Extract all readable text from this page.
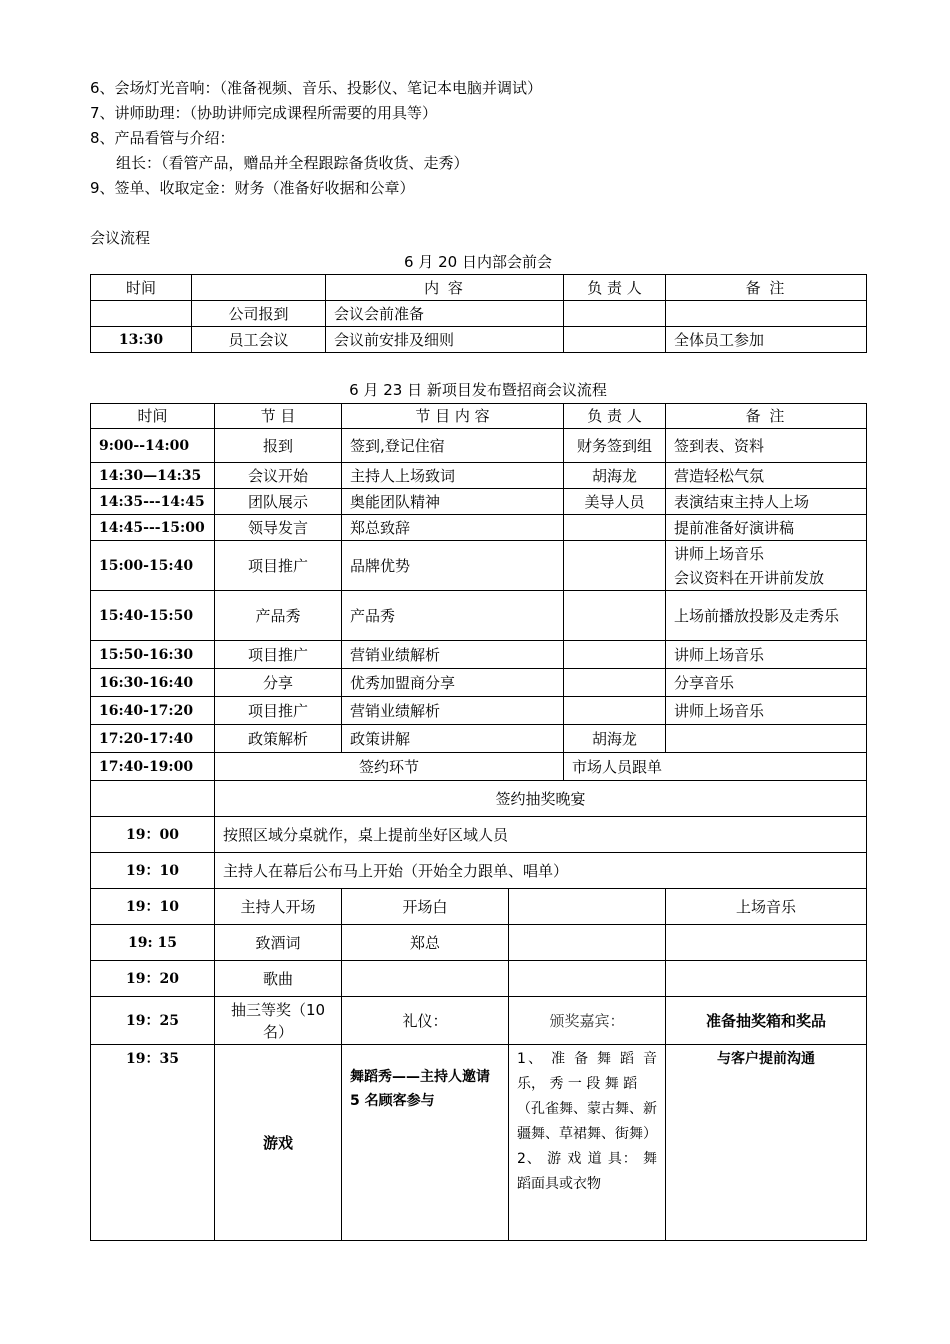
6、会场灯光音响：（准备视频、音乐、投影仪、笔记本电脑并调试）
7、讲师助理：（协助讲师完成课程所需要的用具等）
8、产品看管与介绍：
组长：（看管产品，赠品并全程跟踪备货收货、走秀）
9、签单、收取定金：财务（准备好收据和公章）
会议流程
6 月 20 日内部会前会
时间		内 容	负 责 人	备 注
	公司报到	会议会前准备		
13:30	员工会议	会议前安排及细则		全体员工参加
6 月 23 日 新项目发布暨招商会议流程
时间	节 目	节 目 内 容		负 责 人	备 注
9:00--14:00	报到	签到,登记住宿		财务签到组	签到表、资料
14:30—14:35	会议开始	主持人上场致词		胡海龙	营造轻松气氛
14:35---14:45	团队展示	奥能团队精神		美导人员	表演结束主持人上场
14:45---15:00	领导发言	郑总致辞			提前准备好演讲稿
15:00-15:40	项目推广	品牌优势			讲师上场音乐
会议资料在开讲前发放
15:40-15:50	产品秀	产品秀			上场前播放投影及走秀乐
15:50-16:30	项目推广	营销业绩解析			讲师上场音乐
16:30-16:40	分享	优秀加盟商分享			分享音乐
16:40-17:20	项目推广	营销业绩解析			讲师上场音乐
17:20-17:40	政策解析	政策讲解		胡海龙	
17:40-19:00	签约环节			市场人员跟单	
	签约抽奖晚宴				
19：00	按照区域分桌就作，桌上提前坐好区域人员				
19：10	主持人在幕后公布马上开始（开始全力跟单、唱单）				
19：10	主持人开场	开场白			上场音乐
19: 15	致酒词	郑总			
19：20	歌曲				
19：25	抽三等奖（10名）	礼仪：	颁奖嘉宾：		准备抽奖箱和奖品
19：35	游戏	舞蹈秀——主持人邀请 5 名顾客参与	1、 准 备 舞 蹈 音 乐， 秀 一 段 舞 蹈
（孔雀舞、蒙古舞、新疆舞、草裙舞、街舞）
2、 游 戏 道 具： 舞 蹈面具或衣物		与客户提前沟通
